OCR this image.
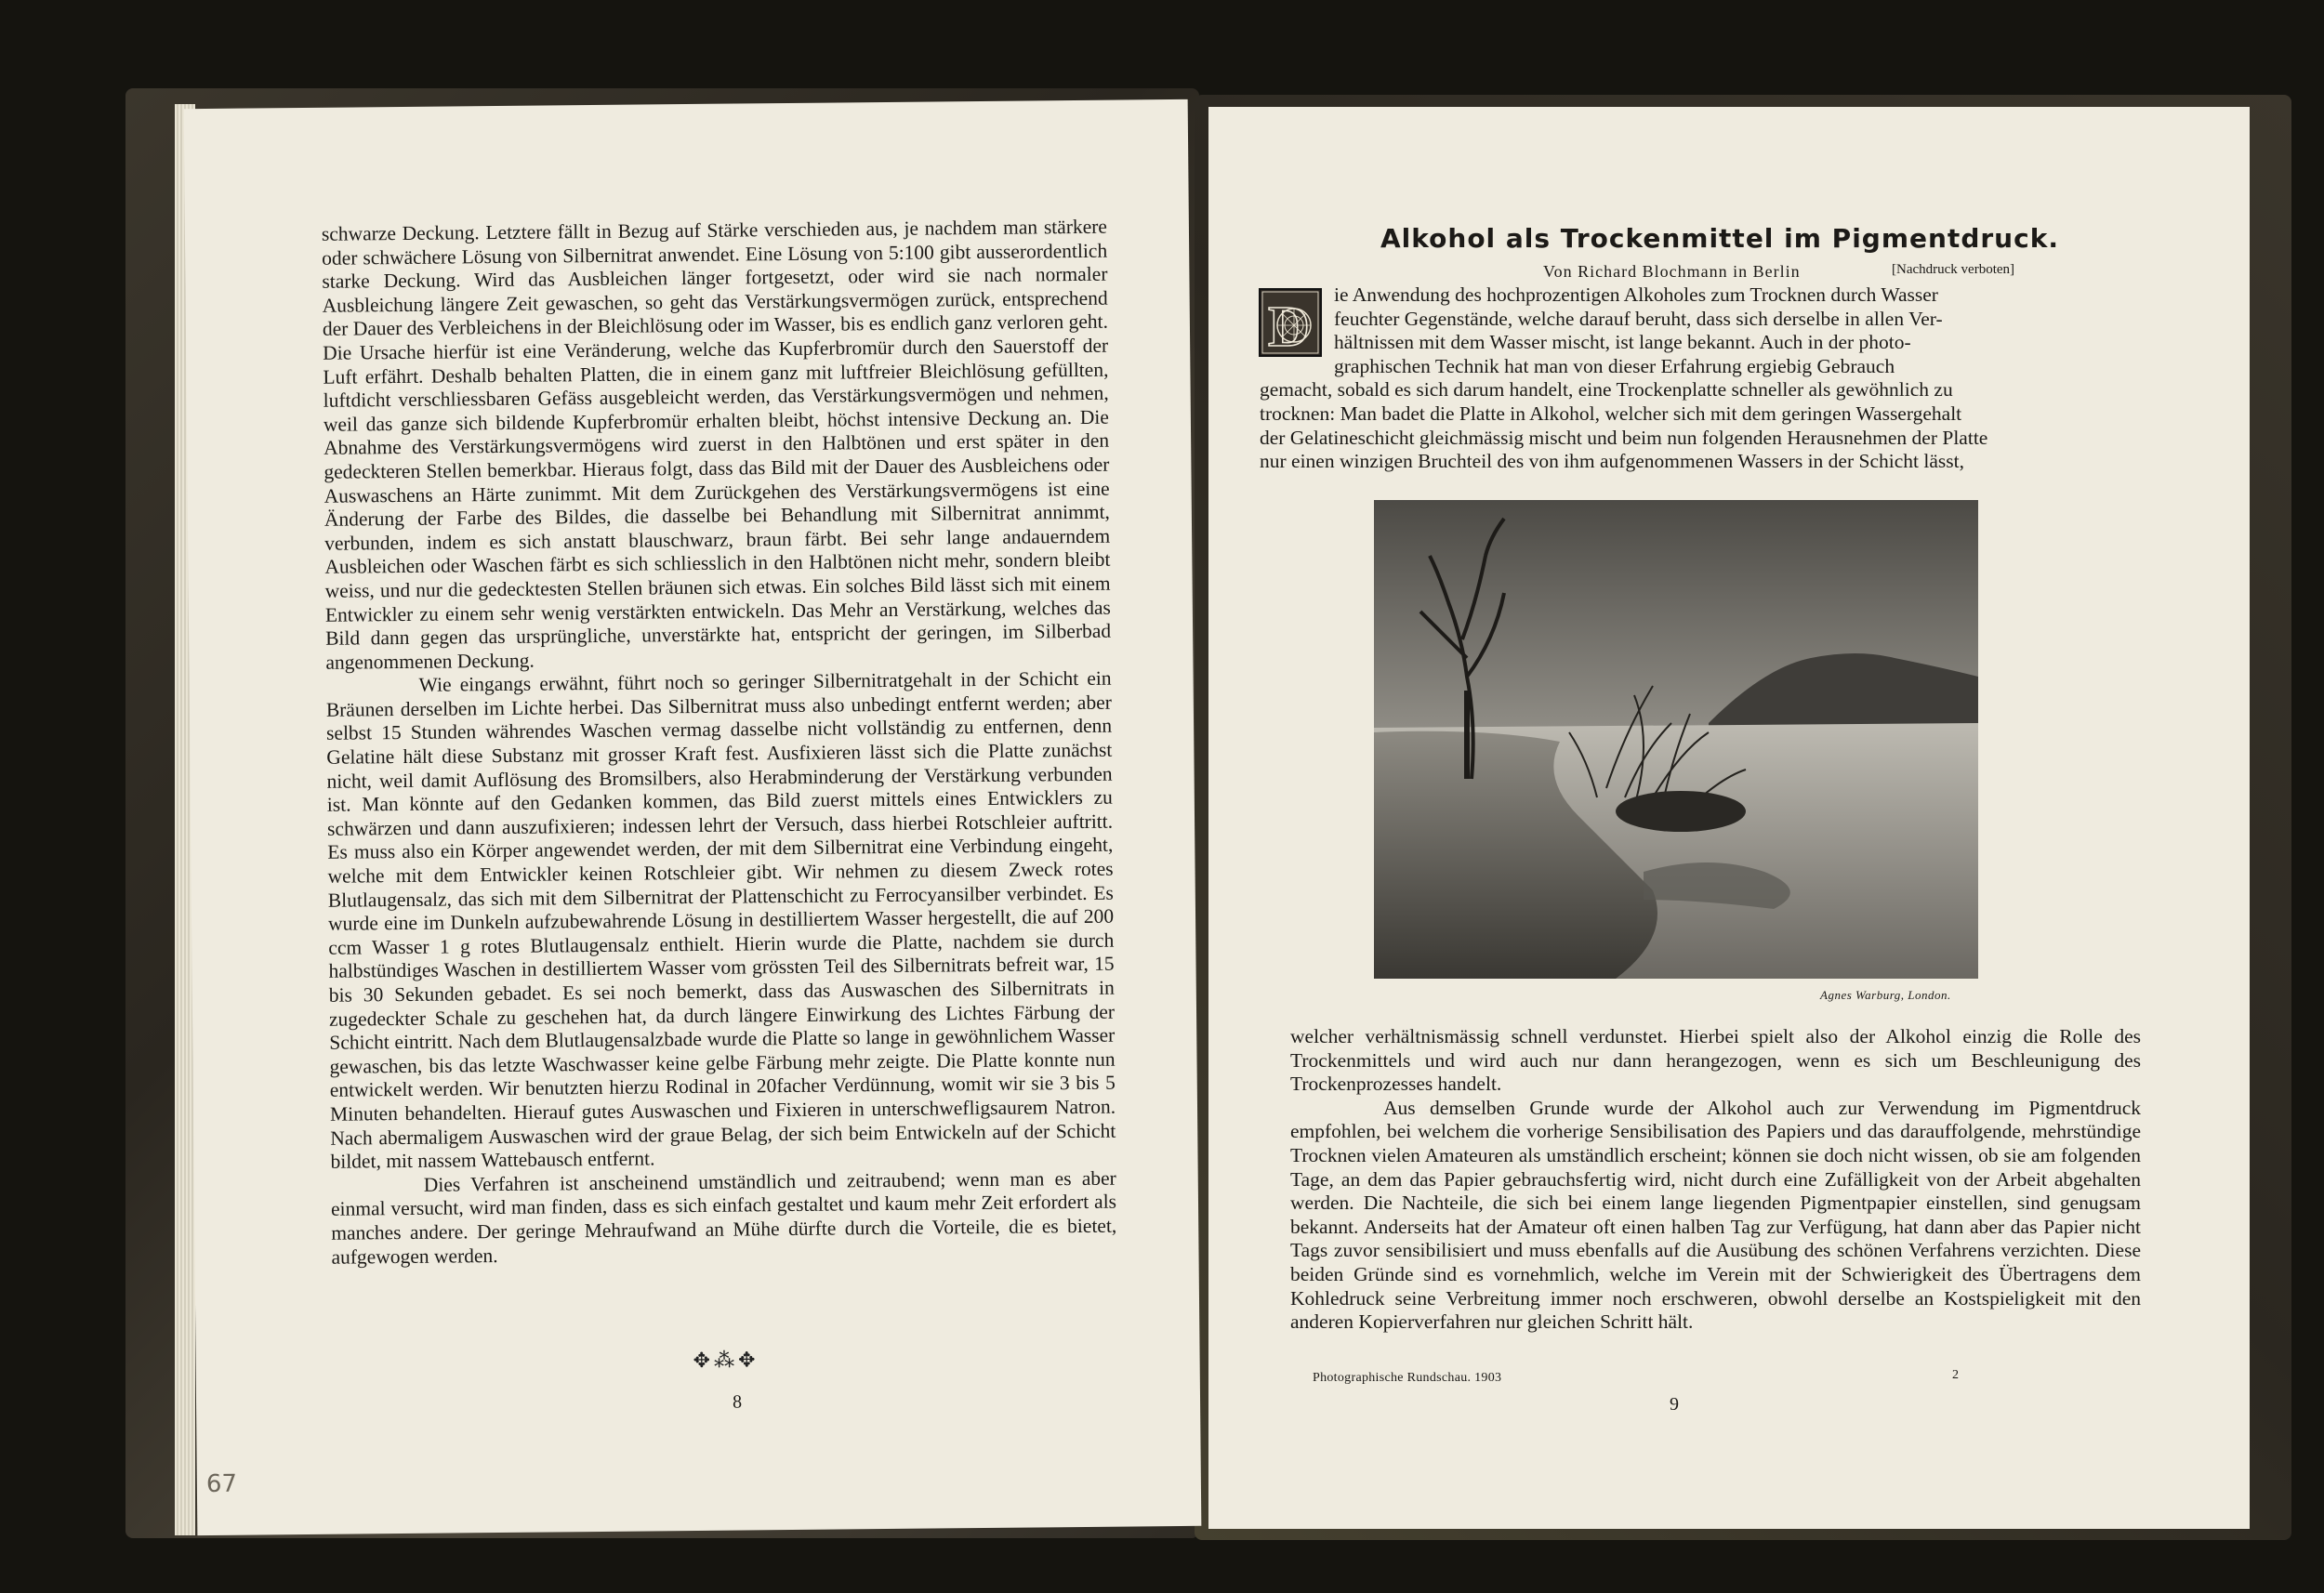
schwarze Deckung. Letztere fällt in Bezug auf Stärke verschieden aus, je nachdem man stärkere oder schwächere Lösung von Silbernitrat anwendet. Eine Lösung von 5:100 gibt ausserordentlich starke Deckung. Wird das Ausbleichen länger fortgesetzt, oder wird sie nach normaler Ausbleichung längere Zeit gewaschen, so geht das Verstärkungsvermögen zurück, entsprechend der Dauer des Verbleichens in der Bleichlösung oder im Wasser, bis es endlich ganz verloren geht. Die Ursache hierfür ist eine Veränderung, welche das Kupferbromür durch den Sauerstoff der Luft erfährt. Deshalb behalten Platten, die in einem ganz mit luftfreier Bleichlösung gefüllten, luftdicht verschliessbaren Gefäss ausgebleicht werden, das Verstärkungsvermögen und nehmen, weil das ganze sich bildende Kupferbromür erhalten bleibt, höchst intensive Deckung an. Die Abnahme des Verstärkungsvermögens wird zuerst in den Halbtönen und erst später in den gedeckteren Stellen bemerkbar. Hieraus folgt, dass das Bild mit der Dauer des Ausbleichens oder Auswaschens an Härte zunimmt. Mit dem Zurückgehen des Verstärkungsvermögens ist eine Änderung der Farbe des Bildes, die dasselbe bei Behandlung mit Silbernitrat annimmt, verbunden, indem es sich anstatt blauschwarz, braun färbt. Bei sehr lange andauerndem Ausbleichen oder Waschen färbt es sich schliesslich in den Halbtönen nicht mehr, sondern bleibt weiss, und nur die gedecktesten Stellen bräunen sich etwas. Ein solches Bild lässt sich mit einem Entwickler zu einem sehr wenig verstärkten entwickeln. Das Mehr an Verstärkung, welches das Bild dann gegen das ursprüngliche, unverstärkte hat, entspricht der geringen, im Silberbad angenommenen Deckung.

Wie eingangs erwähnt, führt noch so geringer Silbernitratgehalt in der Schicht ein Bräunen derselben im Lichte herbei. Das Silbernitrat muss also unbedingt entfernt werden; aber selbst 15 Stunden währendes Waschen vermag dasselbe nicht vollständig zu entfernen, denn Gelatine hält diese Substanz mit grosser Kraft fest. Ausfixieren lässt sich die Platte zunächst nicht, weil damit Auflösung des Bromsilbers, also Herabminderung der Verstärkung verbunden ist. Man könnte auf den Gedanken kommen, das Bild zuerst mittels eines Entwicklers zu schwärzen und dann auszufixieren; indessen lehrt der Versuch, dass hierbei Rotschleier auftritt. Es muss also ein Körper angewendet werden, der mit dem Silbernitrat eine Verbindung eingeht, welche mit dem Entwickler keinen Rotschleier gibt. Wir nehmen zu diesem Zweck rotes Blutlaugensalz, das sich mit dem Silbernitrat der Plattenschicht zu Ferrocyansilber verbindet. Es wurde eine im Dunkeln aufzubewahrende Lösung in destilliertem Wasser hergestellt, die auf 200 ccm Wasser 1 g rotes Blutlaugensalz enthielt. Hierin wurde die Platte, nachdem sie durch halbstündiges Waschen in destilliertem Wasser vom grössten Teil des Silbernitrats befreit war, 15 bis 30 Sekunden gebadet. Es sei noch bemerkt, dass das Auswaschen des Silbernitrats in zugedeckter Schale zu geschehen hat, da durch längere Einwirkung des Lichtes Färbung der Schicht eintritt. Nach dem Blutlaugensalzbade wurde die Platte so lange in gewöhnlichem Wasser gewaschen, bis das letzte Waschwasser keine gelbe Färbung mehr zeigte. Die Platte konnte nun entwickelt werden. Wir benutzten hierzu Rodinal in 20facher Verdünnung, womit wir sie 3 bis 5 Minuten behandelten. Hierauf gutes Auswaschen und Fixieren in unterschwefligsaurem Natron. Nach abermaligem Auswaschen wird der graue Belag, der sich beim Entwickeln auf der Schicht bildet, mit nassem Wattebausch entfernt.

Dies Verfahren ist anscheinend umständlich und zeitraubend; wenn man es aber einmal versucht, wird man finden, dass es sich einfach gestaltet und kaum mehr Zeit erfordert als manches andere. Der geringe Mehraufwand an Mühe dürfte durch die Vorteile, die es bietet, aufgewogen werden.

✥⁂✥
8
67
Alkohol als Trockenmittel im Pigmentdruck.
Von Richard Blochmann in Berlin	[Nachdruck verboten]
D
ie Anwendung des hochprozentigen Alkoholes zum Trocknen durch Wasser
feuchter Gegenstände, welche darauf beruht, dass sich derselbe in allen Ver-
hältnissen mit dem Wasser mischt, ist lange bekannt. Auch in der photo-
graphischen Technik hat man von dieser Erfahrung ergiebig Gebrauch
gemacht, sobald es sich darum handelt, eine Trockenplatte schneller als gewöhnlich zu
trocknen: Man badet die Platte in Alkohol, welcher sich mit dem geringen Wassergehalt
der Gelatineschicht gleichmässig mischt und beim nun folgenden Herausnehmen der Platte
nur einen winzigen Bruchteil des von ihm aufgenommenen Wassers in der Schicht lässt,
Agnes Warburg, London.

welcher verhältnismässig schnell verdunstet. Hierbei spielt also der Alkohol einzig die Rolle des Trockenmittels und wird auch nur dann herangezogen, wenn es sich um Beschleunigung des Trockenprozesses handelt.

Aus demselben Grunde wurde der Alkohol auch zur Verwendung im Pigmentdruck empfohlen, bei welchem die vorherige Sensibilisation des Papiers und das darauffolgende, mehrstündige Trocknen vielen Amateuren als umständlich erscheint; können sie doch nicht wissen, ob sie am folgenden Tage, an dem das Papier gebrauchsfertig wird, nicht durch eine Zufälligkeit von der Arbeit abgehalten werden. Die Nachteile, die sich bei einem lange liegenden Pigmentpapier einstellen, sind genugsam bekannt. Anderseits hat der Amateur oft einen halben Tag zur Verfügung, hat dann aber das Papier nicht Tags zuvor sensibilisiert und muss ebenfalls auf die Ausübung des schönen Verfahrens verzichten. Diese beiden Gründe sind es vornehmlich, welche im Verein mit der Schwierigkeit des Übertragens dem Kohledruck seine Verbreitung immer noch erschweren, obwohl derselbe an Kostspieligkeit mit den anderen Kopierverfahren nur gleichen Schritt hält.

Photographische Rundschau. 1903	2
9
